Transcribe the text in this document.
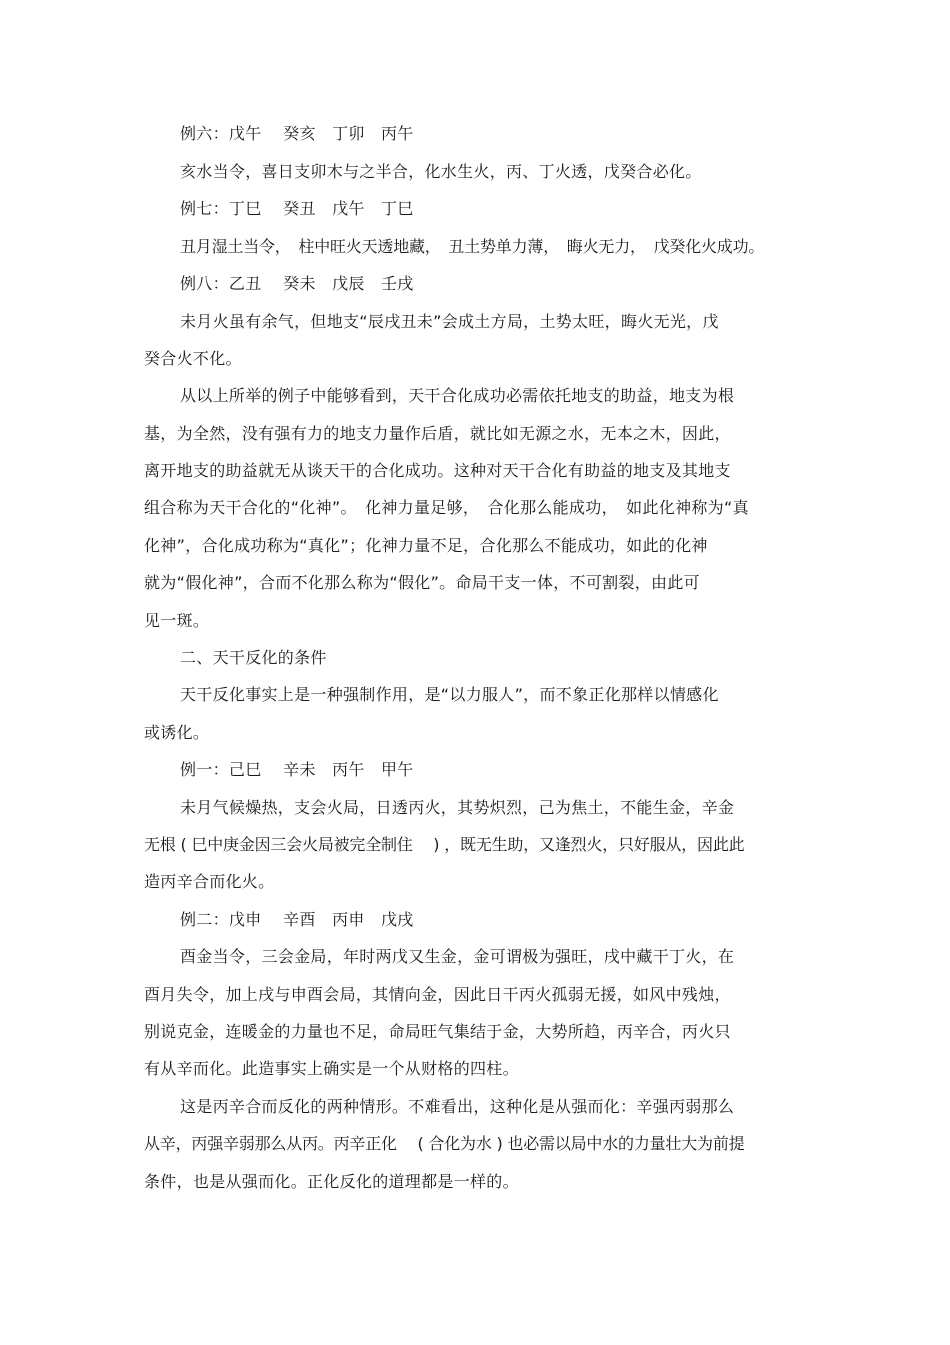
例六：戊午　 癸亥　丁卯　丙午
亥水当令，喜日支卯木与之半合，化水生火，丙、丁火透，戊癸合必化。
例七：丁巳　 癸丑　戊午　丁巳
丑月湿土当令，　柱中旺火天透地藏，　丑土势单力薄，　晦火无力，　戊癸化火成功。
例八：乙丑　 癸未　戊辰　壬戌
未月火虽有余气，但地支“辰戌丑未”会成土方局，土势太旺，晦火无光，戊
癸合火不化。
从以上所举的例子中能够看到，天干合化成功必需依托地支的助益，地支为根
基，为全然，没有强有力的地支力量作后盾，就比如无源之水，无本之木，因此，
离开地支的助益就无从谈天干的合化成功。这种对天干合化有助益的地支及其地支
组合称为天干合化的“化神”。　化神力量足够，　合化那么能成功，　如此化神称为“真
化神”，合化成功称为“真化”；化神力量不足，合化那么不能成功，如此的化神
就为“假化神”，合而不化那么称为“假化”。命局干支一体，不可割裂，由此可
见一斑。
二、天干反化的条件
天干反化事实上是一种强制作用，是“以力服人”，而不象正化那样以情感化
或诱化。
例一：己巳　 辛未　丙午　甲午
未月气候燥热，支会火局，日透丙火，其势炽烈，己为焦土，不能生金，辛金
无根 ( 巳中庚金因三会火局被完全制住　 ) ，既无生助，又逢烈火，只好服从，因此此
造丙辛合而化火。
例二：戊申　 辛酉　丙申　戊戌
酉金当令，三会金局，年时两戊又生金，金可谓极为强旺，戌中藏干丁火，在
酉月失令，加上戌与申酉会局，其情向金，因此日干丙火孤弱无援，如风中残烛，
别说克金，连暖金的力量也不足，命局旺气集结于金，大势所趋，丙辛合，丙火只
有从辛而化。此造事实上确实是一个从财格的四柱。
这是丙辛合而反化的两种情形。不难看出，这种化是从强而化：辛强丙弱那么
从辛，丙强辛弱那么从丙。丙辛正化　 ( 合化为水 ) 也必需以局中水的力量壮大为前提
条件，也是从强而化。正化反化的道理都是一样的。
